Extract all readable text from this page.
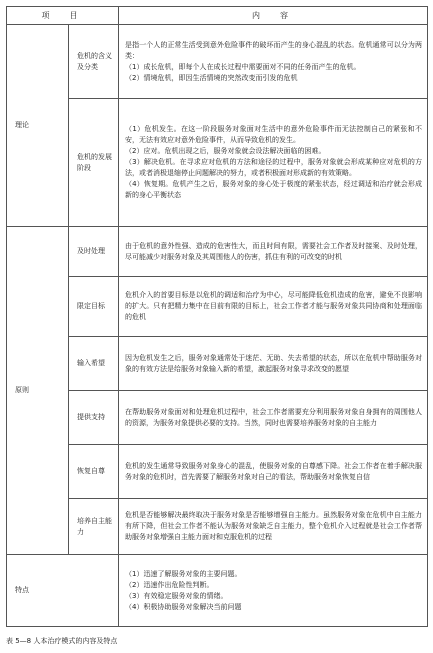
项　目		内　容
理论	危机的含义及分类	是指一个人的正常生活受到意外危险事件的破坏而产生的身心混乱的状态。危机通常可以分为两类：

（1）成长危机，即每个人在成长过程中需要面对不同的任务而产生的危机。

（2）情境危机，即因生活情境的突然改变而引发的危机

	危机的发展阶段	（1）危机发生。在这一阶段服务对象面对生活中的意外危险事件而无法控制自己的紧张和不安，无法有效应对意外危险事件，从而导致危机的发生。

（2）应对。危机出现之后，服务对象就会设法解决面临的困难。

（3）解决危机。在寻求应对危机的方法和途径的过程中，服务对象就会形成某种应对危机的方法，或者消极退缩停止问题解决的努力，或者积极面对形成新的有效策略。

（4）恢复期。危机产生之后，服务对象的身心处于极度的紧张状态，经过调适和治疗就会形成新的身心平衡状态

原则	及时处理	由于危机的意外性强、造成的危害性大，而且时间有限，需要社会工作者及时接案、及时处理，尽可能减少对服务对象及其周围他人的伤害，抓住有利的可改变的时机

	限定目标	危机介入的首要目标是以危机的调适和治疗为中心，尽可能降低危机造成的危害，避免不良影响的扩大。只有把精力集中在目前有限的目标上，社会工作者才能与服务对象共同协商和处理面临的危机

	输入希望	因为危机发生之后，服务对象通常处于迷茫、无助、失去希望的状态，所以在危机中帮助服务对象的有效方法是给服务对象输入新的希望，激起服务对象寻求改变的愿望

	提供支持	在帮助服务对象面对和处理危机过程中，社会工作者需要充分利用服务对象自身拥有的周围他人的资源，为服务对象提供必要的支持。当然，同时也需要培养服务对象的自主能力

	恢复自尊	危机的发生通常导致服务对象身心的混乱，使服务对象的自尊感下降。社会工作者在着手解决服务对象的危机时，首先需要了解服务对象对自己的看法，帮助服务对象恢复自信

	培养自主能力	危机是否能够解决最终取决于服务对象是否能够增强自主能力。虽然服务对象在危机中自主能力有所下降，但社会工作者不能认为服务对象缺乏自主能力，整个危机介入过程就是社会工作者帮助服务对象增强自主能力面对和克服危机的过程

特点		（1）迅速了解服务对象的主要问题。

（2）迅速作出危险性判断。

（3）有效稳定服务对象的情绪。

（4）积极协助服务对象解决当前问题

表 5—8 人本治疗模式的内容及特点
